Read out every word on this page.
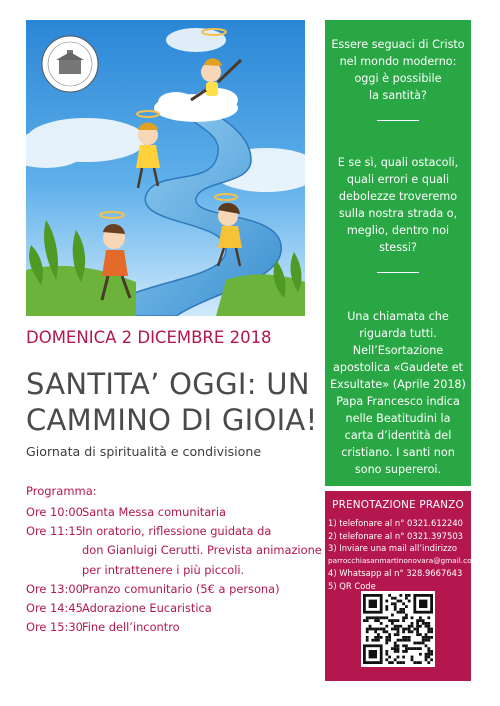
DOMENICA 2 DICEMBRE 2018
SANTITA’ OGGI: UN
CAMMINO DI GIOIA!
Giornata di spiritualità e condivisione
Programma:
Ore 10:00 Santa Messa comunitaria
Ore 11:15 In oratorio, riflessione guidata da
don Gianluigi Cerutti. Prevista animazione
per intrattenere i più piccoli.
Ore 13:00 Pranzo comunitario (5€ a persona)
Ore 14:45 Adorazione Eucaristica
Ore 15:30 Fine dell’incontro
Essere seguaci di Cristo
nel mondo moderno:
oggi è possibile
la santità?
E se sì, quali ostacoli,
quali errori e quali
debolezze troveremo
sulla nostra strada o,
meglio, dentro noi
stessi?
Una chiamata che
riguarda tutti.
Nell’Esortazione
apostolica «Gaudete et
Exsultate» (Aprile 2018)
Papa Francesco indica
nelle Beatitudini la
carta d’identità del
cristiano. I santi non
sono supereroi.
PRENOTAZIONE PRANZO
1) telefonare al n° 0321.612240
2) telefonare al n° 0321.397503
3) Inviare una mail all’indirizzo
parrocchiasanmartinonovara@gmail.com
4) Whatsapp al n° 328.9667643
5) QR Code
